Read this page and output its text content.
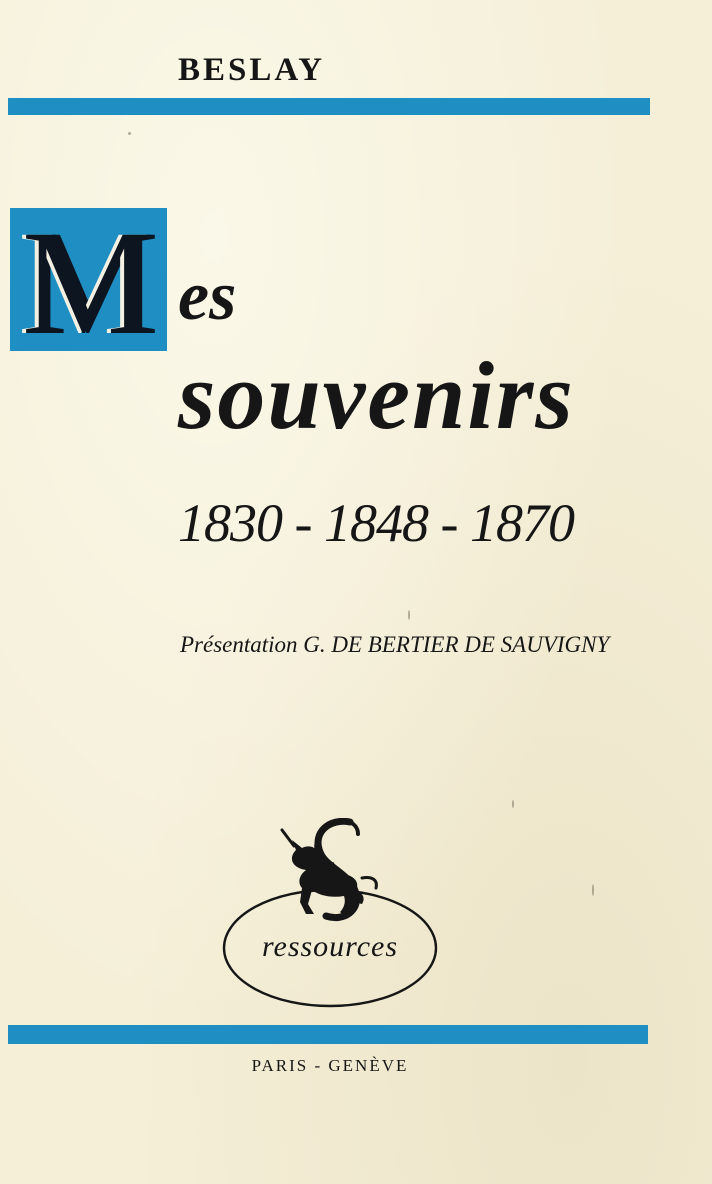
BESLAY
M es
souvenirs

1830 - 1848 - 1870

Présentation G. DE BERTIER DE SAUVIGNY

ressources

PARIS - GENÈVE
